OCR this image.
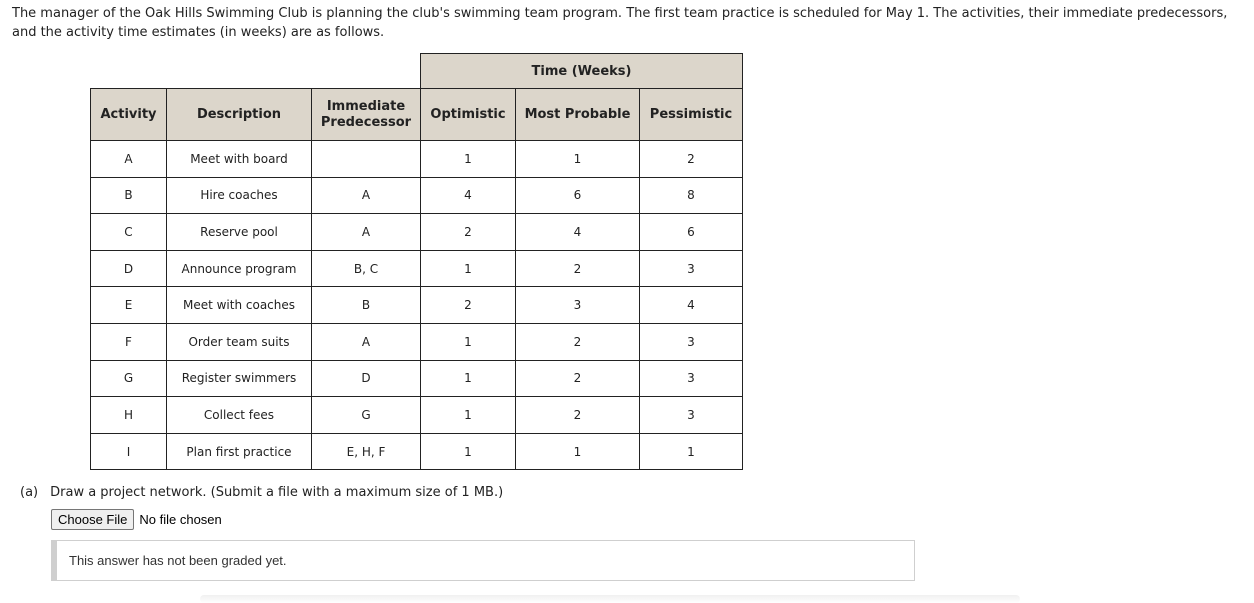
The manager of the Oak Hills Swimming Club is planning the club's swimming team program. The first team practice is scheduled for May 1. The activities, their immediate predecessors, and the activity time estimates (in weeks) are as follows.

			Time (Weeks)		
Activity	Description	Immediate Predecessor	Optimistic	Most Probable	Pessimistic
A	Meet with board		1	1	2
B	Hire coaches	A	4	6	8
C	Reserve pool	A	2	4	6
D	Announce program	B, C	1	2	3
E	Meet with coaches	B	2	3	4
F	Order team suits	A	1	2	3
G	Register swimmers	D	1	2	3
H	Collect fees	G	1	2	3
I	Plan first practice	E, H, F	1	1	1

(a) Draw a project network. (Submit a file with a maximum size of 1 MB.)

Choose File No file chosen
This answer has not been graded yet.
